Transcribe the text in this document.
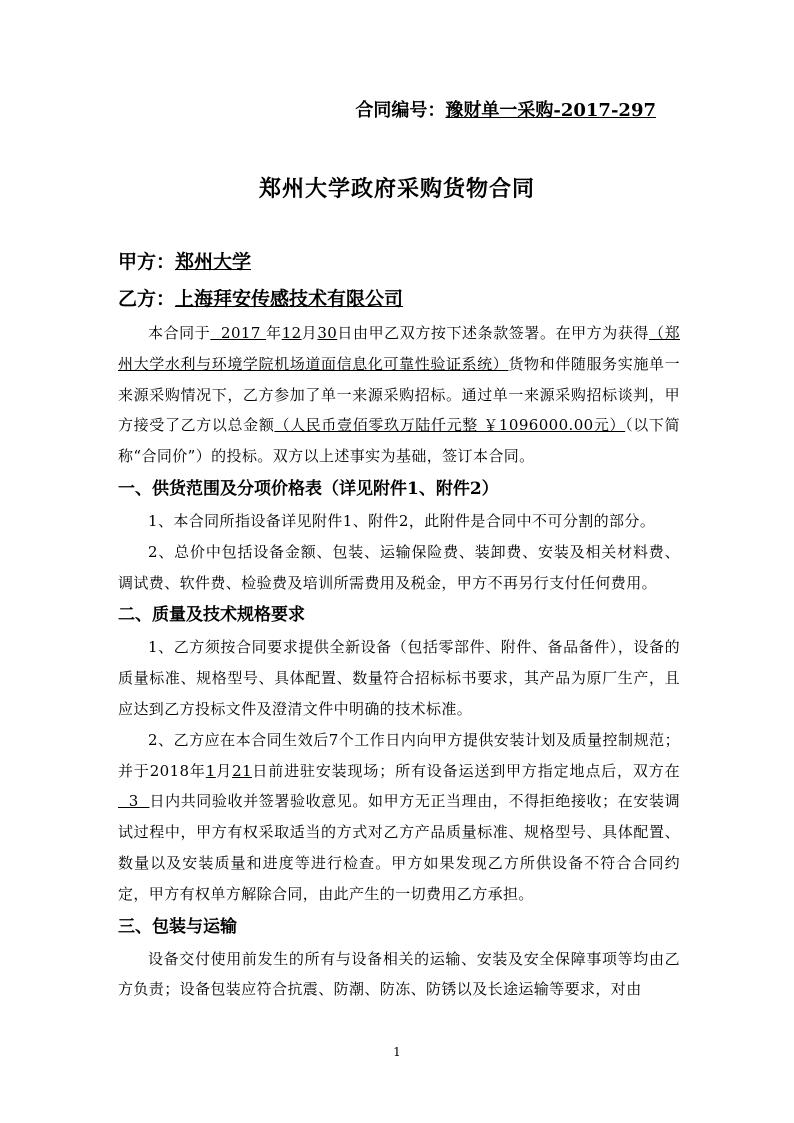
合同编号：豫财单一采购-2017-297
郑州大学政府采购货物合同
甲方：郑州大学
乙方：上海拜安传感技术有限公司

本合同于  2017 年12月30日由甲乙双方按下述条款签署。在甲方为获得（郑州大学水利与环境学院机场道面信息化可靠性验证系统）货物和伴随服务实施单一来源采购情况下，乙方参加了单一来源采购招标。通过单一来源采购招标谈判，甲方接受了乙方以总金额（人民币壹佰零玖万陆仟元整 ￥1096000.00元）（以下简称“合同价”）的投标。双方以上述事实为基础，签订本合同。

一、供货范围及分项价格表（详见附件1、附件2）

1、本合同所指设备详见附件1、附件2，此附件是合同中不可分割的部分。

2、总价中包括设备金额、包装、运输保险费、装卸费、安装及相关材料费、调试费、软件费、检验费及培训所需费用及税金，甲方不再另行支付任何费用。

二、质量及技术规格要求

1、乙方须按合同要求提供全新设备（包括零部件、附件、备品备件），设备的质量标准、规格型号、具体配置、数量符合招标标书要求，其产品为原厂生产，且应达到乙方投标文件及澄清文件中明确的技术标准。

2、乙方应在本合同生效后7个工作日内向甲方提供安装计划及质量控制规范；并于2018年1月21日前进驻安装现场；所有设备运送到甲方指定地点后，双方在  3  日内共同验收并签署验收意见。如甲方无正当理由，不得拒绝接收；在安装调试过程中，甲方有权采取适当的方式对乙方产品质量标准、规格型号、具体配置、数量以及安装质量和进度等进行检查。甲方如果发现乙方所供设备不符合合同约定，甲方有权单方解除合同，由此产生的一切费用乙方承担。

三、包装与运输

设备交付使用前发生的所有与设备相关的运输、安装及安全保障事项等均由乙方负责；设备包装应符合抗震、防潮、防冻、防锈以及长途运输等要求，对由

1
